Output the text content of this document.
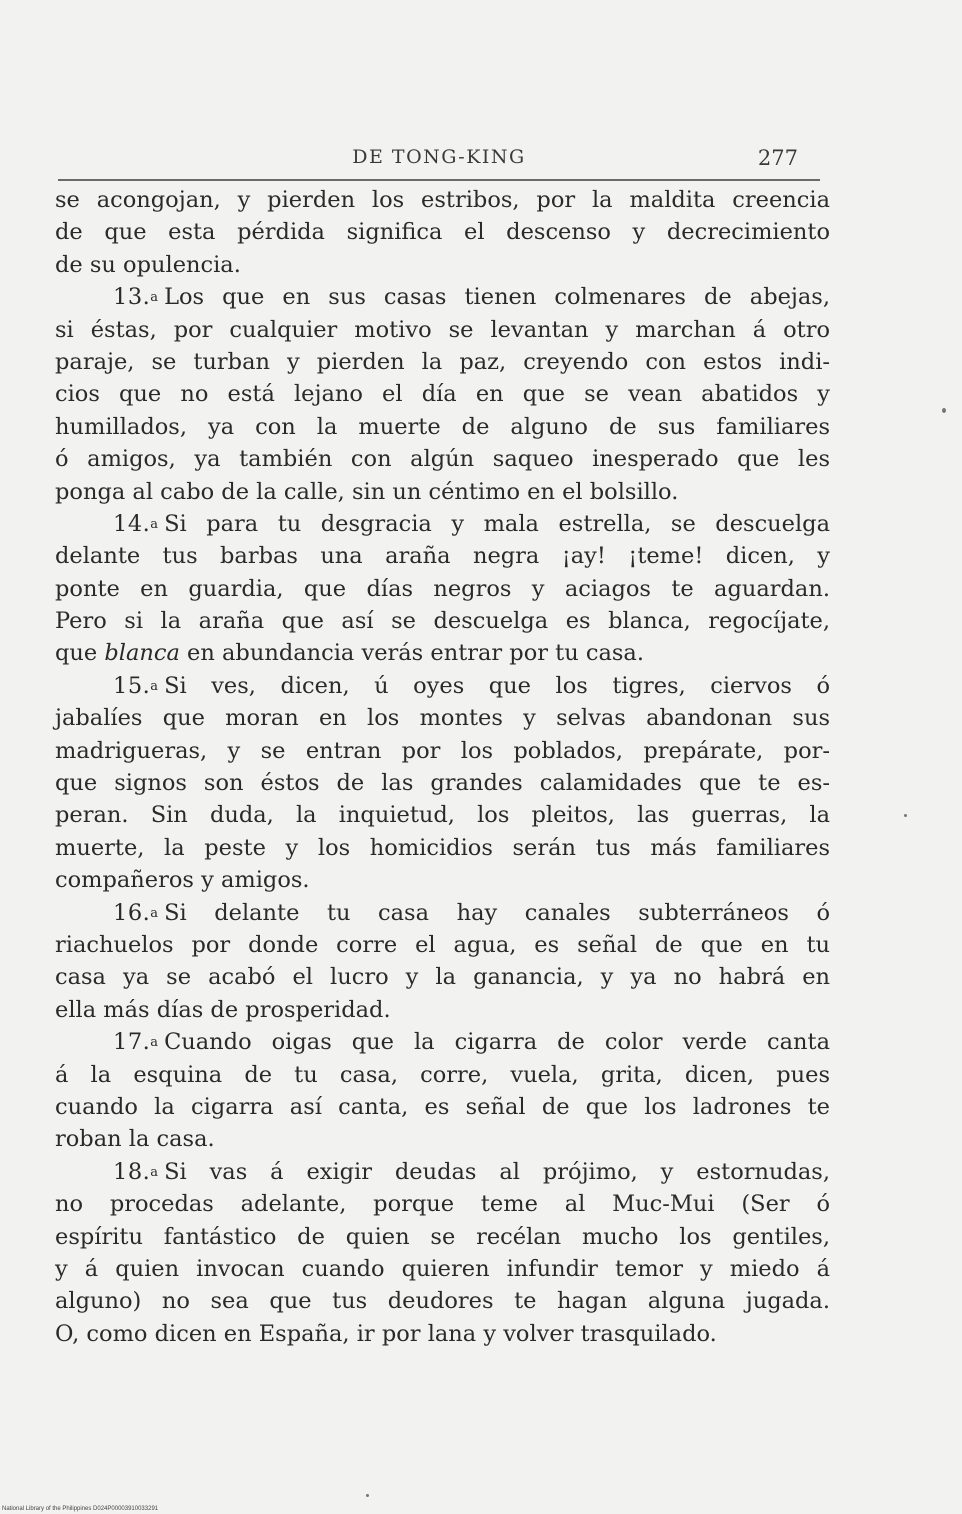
DE TONG-KING	277
se acongojan, y pierden los estribos, por la maldita creencia
de que esta pérdida significa el descenso y decrecimiento
de su opulencia.
13.a Los que en sus casas tienen colmenares de abejas,
si éstas, por cualquier motivo se levantan y marchan á otro
paraje, se turban y pierden la paz, creyendo con estos indi-
cios que no está lejano el día en que se vean abatidos y
humillados, ya con la muerte de alguno de sus familiares
ó amigos, ya también con algún saqueo inesperado que les
ponga al cabo de la calle, sin un céntimo en el bolsillo.
14.a Si para tu desgracia y mala estrella, se descuelga
delante tus barbas una araña negra ¡ay! ¡teme! dicen, y
ponte en guardia, que días negros y aciagos te aguardan.
Pero si la araña que así se descuelga es blanca, regocíjate,
que blanca en abundancia verás entrar por tu casa.
15.a Si ves, dicen, ú oyes que los tigres, ciervos ó
jabalíes que moran en los montes y selvas abandonan sus
madrigueras, y se entran por los poblados, prepárate, por-
que signos son éstos de las grandes calamidades que te es-
peran. Sin duda, la inquietud, los pleitos, las guerras, la
muerte, la peste y los homicidios serán tus más familiares
compañeros y amigos.
16.a Si delante tu casa hay canales subterráneos ó
riachuelos por donde corre el agua, es señal de que en tu
casa ya se acabó el lucro y la ganancia, y ya no habrá en
ella más días de prosperidad.
17.a Cuando oigas que la cigarra de color verde canta
á la esquina de tu casa, corre, vuela, grita, dicen, pues
cuando la cigarra así canta, es señal de que los ladrones te
roban la casa.
18.a Si vas á exigir deudas al prójimo, y estornudas,
no procedas adelante, porque teme al Muc-Mui (Ser ó
espíritu fantástico de quien se recélan mucho los gentiles,
y á quien invocan cuando quieren infundir temor y miedo á
alguno) no sea que tus deudores te hagan alguna jugada.
O, como dicen en España, ir por lana y volver trasquilado.
National Library of the Philippines D024P00003910033291
